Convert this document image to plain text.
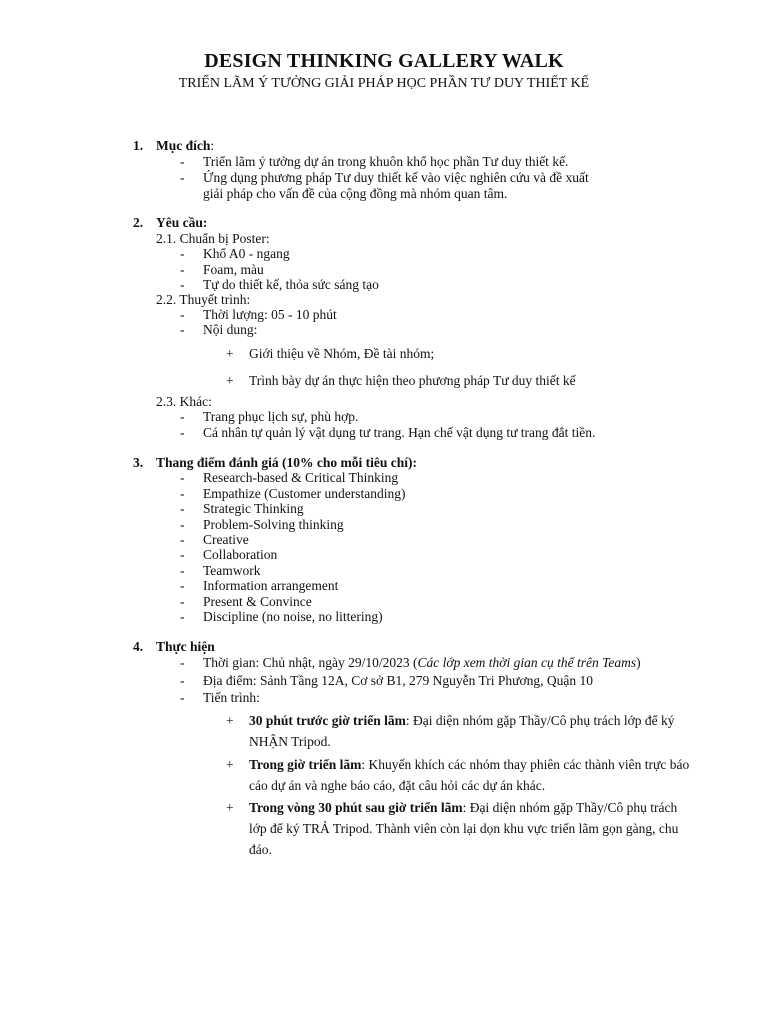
DESIGN THINKING GALLERY WALK
TRIỂN LÃM Ý TƯỞNG GIẢI PHÁP HỌC PHẦN TƯ DUY THIẾT KẾ
1. Mục đích:
- Triển lãm ý tưởng dự án trong khuôn khổ học phần Tư duy thiết kế.
- Ứng dụng phương pháp Tư duy thiết kế vào việc nghiên cứu và đề xuất
giải pháp cho vấn đề của cộng đồng mà nhóm quan tâm.
2. Yêu cầu:
2.1. Chuẩn bị Poster:
- Khổ A0 - ngang
- Foam, màu
- Tự do thiết kế, thỏa sức sáng tạo
2.2. Thuyết trình:
- Thời lượng: 05 - 10 phút
- Nội dung:
+ Giới thiệu về Nhóm, Đề tài nhóm;
+ Trình bày dự án thực hiện theo phương pháp Tư duy thiết kế
2.3. Khác:
- Trang phục lịch sự, phù hợp.
- Cá nhân tự quản lý vật dụng tư trang. Hạn chế vật dụng tư trang đắt tiền.
3. Thang điểm đánh giá (10% cho mỗi tiêu chí):
- Research-based & Critical Thinking
- Empathize (Customer understanding)
- Strategic Thinking
- Problem-Solving thinking
- Creative
- Collaboration
- Teamwork
- Information arrangement
- Present & Convince
- Discipline (no noise, no littering)
4. Thực hiện
- Thời gian: Chủ nhật, ngày 29/10/2023 (Các lớp xem thời gian cụ thể trên Teams)
- Địa điểm: Sảnh Tầng 12A, Cơ sở B1, 279 Nguyễn Tri Phương, Quận 10
- Tiến trình:
+ 30 phút trước giờ triển lãm: Đại diện nhóm gặp Thầy/Cô phụ trách lớp để ký NHẬN Tripod.
+ Trong giờ triển lãm: Khuyến khích các nhóm thay phiên các thành viên trực báo cáo dự án và nghe báo cáo, đặt câu hỏi các dự án khác.
+ Trong vòng 30 phút sau giờ triển lãm: Đại diện nhóm gặp Thầy/Cô phụ trách lớp để ký TRẢ Tripod. Thành viên còn lại dọn khu vực triển lãm gọn gàng, chu đáo.
